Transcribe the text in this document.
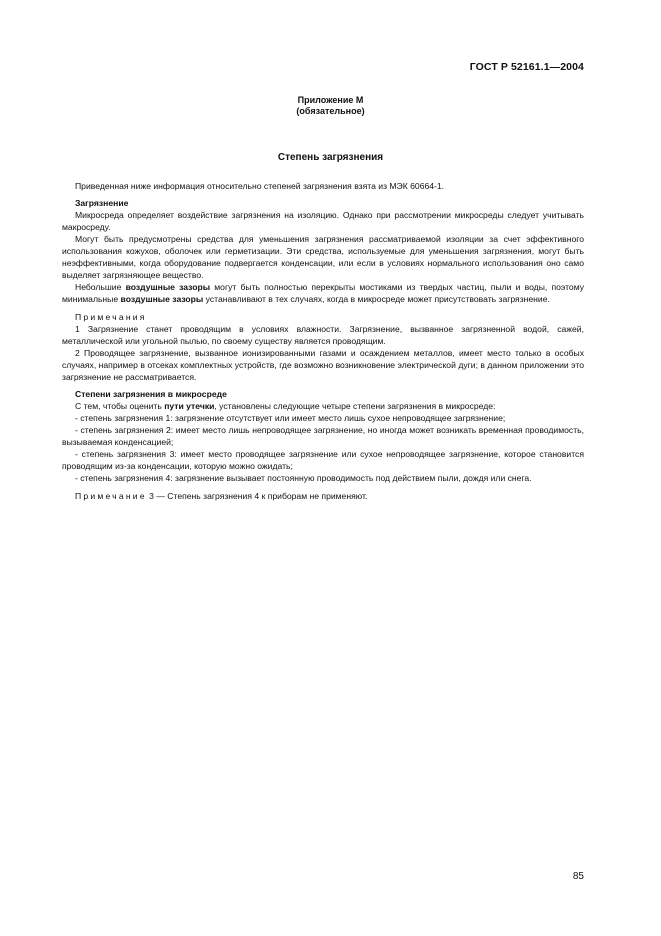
ГОСТ Р 52161.1—2004
Приложение М
(обязательное)
Степень загрязнения

Приведенная ниже информация относительно степеней загрязнения взята из МЭК 60664-1.

Загрязнение

Микросреда определяет воздействие загрязнения на изоляцию. Однако при рассмотрении микросреды следует учитывать макросреду.

Могут быть предусмотрены средства для уменьшения загрязнения рассматриваемой изоляции за счет эффективного использования кожухов, оболочек или герметизации. Эти средства, используемые для уменьшения загрязнения, могут быть неэффективными, когда оборудование подвергается конденсации, или если в условиях нормального использования оно само выделяет загрязняющее вещество.

Небольшие воздушные зазоры могут быть полностью перекрыты мостиками из твердых частиц, пыли и воды, поэтому минимальные воздушные зазоры устанавливают в тех случаях, когда в микросреде может присутствовать загрязнение.

Примечания

1 Загрязнение станет проводящим в условиях влажности. Загрязнение, вызванное загрязненной водой, сажей, металлической или угольной пылью, по своему существу является проводящим.

2 Проводящее загрязнение, вызванное ионизированными газами и осаждением металлов, имеет место только в особых случаях, например в отсеках комплектных устройств, где возможно возникновение электрической дуги; в данном приложении это загрязнение не рассматривается.

Степени загрязнения в микросреде

С тем, чтобы оценить пути утечки, установлены следующие четыре степени загрязнения в микросреде:

- степень загрязнения 1: загрязнение отсутствует или имеет место лишь сухое непроводящее загрязнение;

- степень загрязнения 2: имеет место лишь непроводящее загрязнение, но иногда может возникать временная проводимость, вызываемая конденсацией;

- степень загрязнения 3: имеет место проводящее загрязнение или сухое непроводящее загрязнение, которое становится проводящим из-за конденсации, которую можно ожидать;

- степень загрязнения 4: загрязнение вызывает постоянную проводимость под действием пыли, дождя или снега.

Примечание 3 — Степень загрязнения 4 к приборам не применяют.

85
